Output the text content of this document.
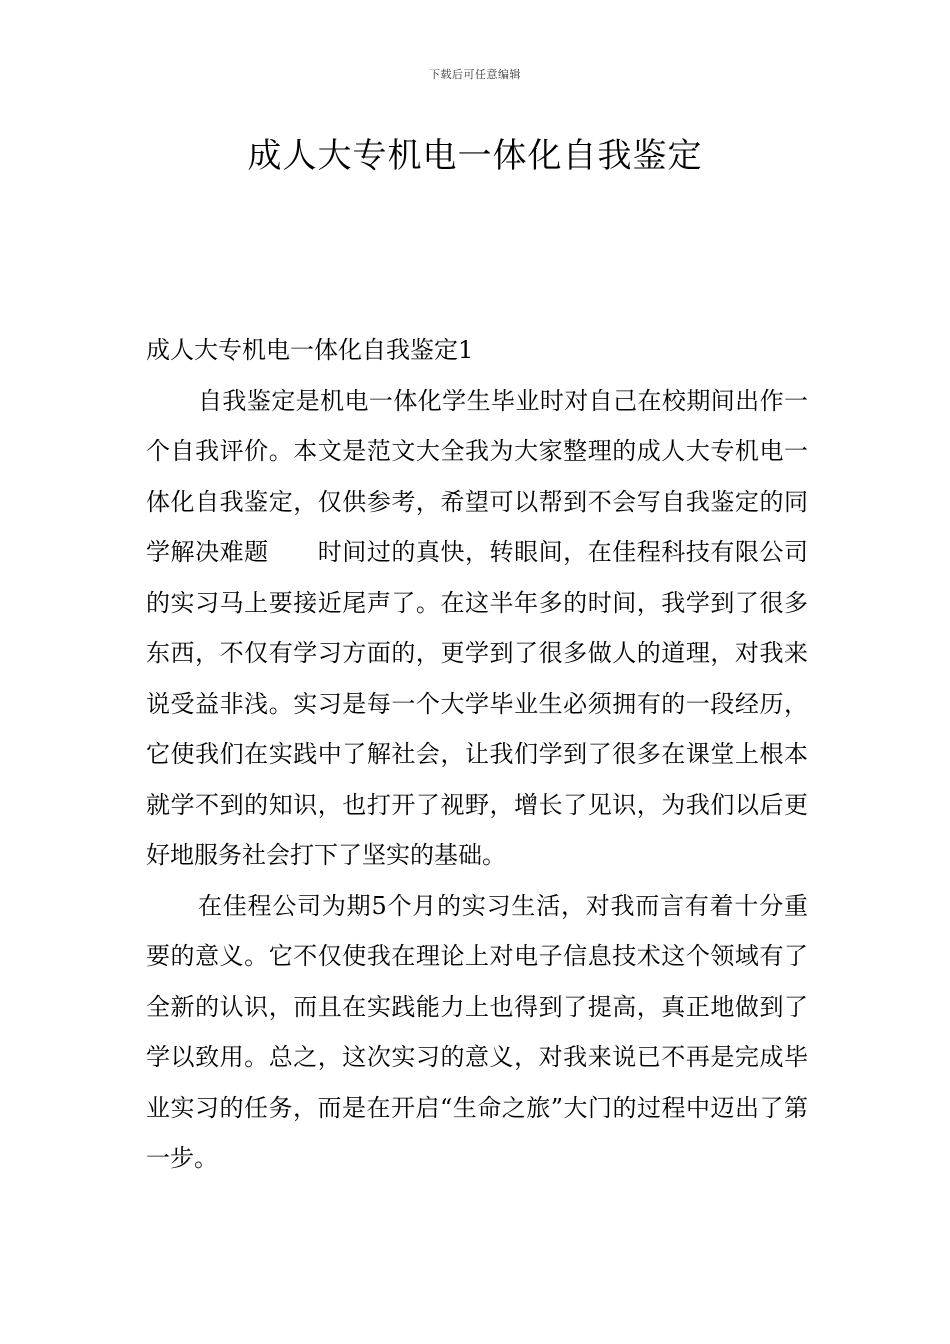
下载后可任意编辑
成人大专机电一体化自我鉴定

成人大专机电一体化自我鉴定1

自我鉴定是机电一体化学生毕业时对自己在校期间出作一个自我评价。本文是范文大全我为大家整理的成人大专机电一体化自我鉴定，仅供参考，希望可以帮到不会写自我鉴定的同学解决难题　　时间过的真快，转眼间，在佳程科技有限公司的实习马上要接近尾声了。在这半年多的时间，我学到了很多东西，不仅有学习方面的，更学到了很多做人的道理，对我来说受益非浅。实习是每一个大学毕业生必须拥有的一段经历，它使我们在实践中了解社会，让我们学到了很多在课堂上根本就学不到的知识，也打开了视野，增长了见识，为我们以后更好地服务社会打下了坚实的基础。

在佳程公司为期5个月的实习生活，对我而言有着十分重要的意义。它不仅使我在理论上对电子信息技术这个领域有了全新的认识，而且在实践能力上也得到了提高，真正地做到了学以致用。总之，这次实习的意义，对我来说已不再是完成毕业实习的任务，而是在开启“生命之旅”大门的过程中迈出了第一步。
